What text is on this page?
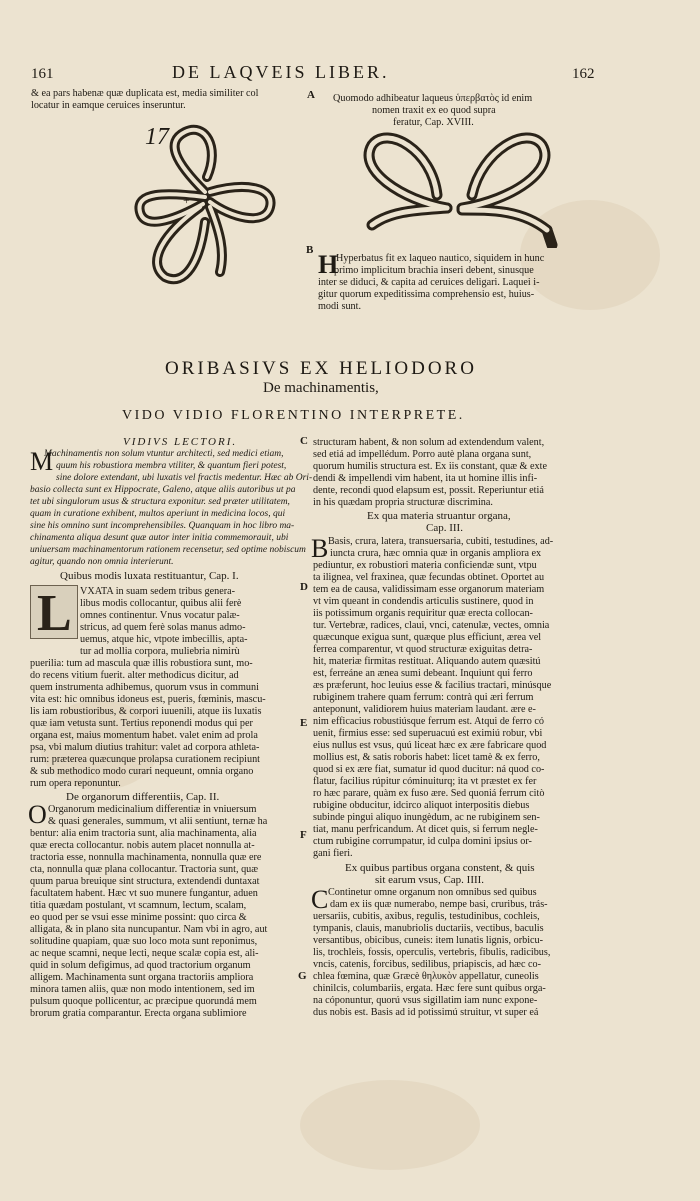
161	DE LAQVEIS LIBER.	162
& ea pars habenæ quæ duplicata est, media similiter col
locatur in eamque ceruices inseruntur.
A Quomodo adhibeatur laqueus ὑπερβατὸς id enim
nomen traxit ex eo quod supra
feratur, Cap. XVIII.
17
+
B H
Hyperbatus fit ex laqueo nautico, siquidem in hunc
primo implicitum brachia inseri debent, sinusque
inter se diduci, & capita ad ceruices deligari. Laquei i-
gitur quorum expeditissima comprehensio est, huius-
modi sunt.
ORIBASIVS EX HELIODORO
De machinamentis,
VIDO VIDIO FLORENTINO INTERPRETE.
VIDIVS LECTORI.
M
Machinamentis non solum vtuntur architecti, sed medici etiam,
quum his robustiora membra vtiliter, & quantum fieri potest,
sine dolore extendant, ubi luxatis vel fractis medentur. Hæc ab Ori-
basio collecta sunt ex Hippocrate, Galeno, atque aliis autoribus ut pa
tet ubi singulorum usus & structura exponitur. sed præter utilitatem,
quam in curatione exhibent, multos aperiunt in medicina locos, qui
sine his omnino sunt incomprehensibiles. Quanquam in hoc libro ma-
chinamenta aliqua desunt quæ autor inter initia commemorauit, ubi
uniuersam machinamentorum rationem recensetur, sed optime nobiscum
agitur, quando non omnia interierunt.
Quibus modis luxata restituantur, Cap. I.
L VXATA in suam sedem tribus genera-
libus modis collocantur, quibus alii ferè
omnes continentur. Vnus vocatur palæ-
stricus, ad quem ferè solas manus admo-
uemus, atque hic, vtpote imbecillis, apta-
tur ad mollia corpora, muliebria nimirù
puerilia: tum ad mascula quæ illis robustiora sunt, mo-
do recens vitium fuerit. alter methodicus dicitur, ad
quem instrumenta adhibemus, quorum vsus in communi
vita est: hic omnibus idoneus est, pueris, fœminis, mascu-
lis iam robustioribus, & corpori iuuenili, atque iis luxatis
quæ iam vetusta sunt. Tertius reponendi modus qui per
organa est, maius momentum habet. valet enim ad prola
psa, vbi malum diutius trahitur: valet ad corpora athleta-
rum: præterea quæcunque prolapsa curationem recipiunt
& sub methodico modo curari nequeunt, omnia organo
rum opera reponuntur.
De organorum differentiis, Cap. II.
O Organorum medicinalium differentiæ in vniuersum
& quasi generales, summum, vt alii sentiunt, ternæ ha
bentur: alia enim tractoria sunt, alia machinamenta, alia
quæ erecta collocantur. nobis autem placet nonnulla at-
tractoria esse, nonnulla machinamenta, nonnulla quæ ere
cta, nonnulla quæ plana collocantur. Tractoria sunt, quæ
quum parua breuique sint structura, extendendi duntaxat
facultatem habent. Hæc vt suo munere fungantur, aduen
titia quædam postulant, vt scamnum, lectum, scalam,
eo quod per se vsui esse minime possint: quo circa &
alligata, & in plano sita nuncupantur. Nam vbi in agro, aut
solitudine quapiam, quæ suo loco mota sunt reponimus,
ac neque scamni, neque lecti, neque scalæ copia est, ali-
quid in solum defigimus, ad quod tractorium organum
alligem. Machinamenta sunt organa tractoriis ampliora
minora tamen aliis, quæ non modo intentionem, sed im
pulsum quoque pollicentur, ac præcipue quorundá mem
brorum gratia comparantur. Erecta organa sublimiore
C
D
E
F
G
structuram habent, & non solum ad extendendum valent,
sed etiá ad impellédum. Porro autè plana organa sunt,
quorum humilis structura est. Ex iis constant, quæ & exte
dendi & impellendi vim habent, ita ut homine illis infi-
dente, recondi quod elapsum est, possit. Reperiuntur etiá
in his quædam propria structuræ discrimina.
Ex qua materia struantur organa,
Cap. III.
B Basis, crura, latera, transuersaria, cubiti, testudines, ad-
iuncta crura, hæc omnia quæ in organis ampliora ex
pediuntur, ex robustiori materia conficiendæ sunt, vtpu
ta ilignea, vel fraxinea, quæ fecundas obtinet. Oportet au
tem ea de causa, validissimam esse organorum materiam
vt vim queant in condendis articulis sustinere, quod in
iis potissimum organis requiritur quæ erecta collocan-
tur. Vertebræ, radices, claui, vnci, catenulæ, vectes, omnia
quæcunque exigua sunt, quæque plus efficiunt, ærea vel
ferrea comparentur, vt quod structuræ exiguitas detra-
hit, materiæ firmitas restituat. Aliquando autem quæsitú
est, ferreáne an ænea sumi debeant. Inquiunt qui ferro
æs præferunt, hoc leuius esse & facilius tractari, minúsque
rubiginem trahere quam ferrum: contrà qui æri ferrum
anteponunt, validiorem huius materiam laudant. ære e-
nim efficacius robustiúsque ferrum est. Atqui de ferro có
uenit, firmius esse: sed superuacuú est eximiú robur, vbi
eius nullus est vsus, quú liceat hæc ex ære fabricare quod
mollius est, & satis roboris habet: licet tamè & ex ferro,
quod si ex ære fiat, sumatur id quod ducitur: ná quod co-
flatur, facilius rúpitur cóminuiturq; ita vt præstet ex fer
ro hæc parare, quàm ex fuso ære. Sed quoniá ferrum citò
rubigine obducitur, idcirco aliquot interpositis diebus
subinde pingui aliquo inungèdum, ac ne rubiginem sen-
tiat, manu perfricandum. At dicet quis, si ferrum negle-
ctum rubigine corrumpatur, id culpa domini ipsius or-
gani fieri.
Ex quibus partibus organa constent, & quis
sit earum vsus, Cap. IIII.
C Continetur omne organum non omnibus sed quibus
dam ex iis quæ numerabo, nempe basi, cruribus, trás-
uersariis, cubitis, axibus, regulis, testudinibus, cochleis,
tympanis, clauis, manubriolis ductariis, vectibus, baculis
versantibus, obicibus, cuneis: item lunatis lignis, orbicu-
lis, trochleis, fossis, operculis, vertebris, fibulis, radicibus,
vncis, catenis, forcibus, sedilibus, priapiscis, ad hæc co-
chlea fœmina, quæ Græcè θηλυκὸν appellatur, cuneolis
chinilcis, columbariis, ergata. Hæc fere sunt quibus orga-
na cóponuntur, quorú vsus sigillatim iam nunc expone-
dus nobis est. Basis ad id potissimú struitur, vt super eá
